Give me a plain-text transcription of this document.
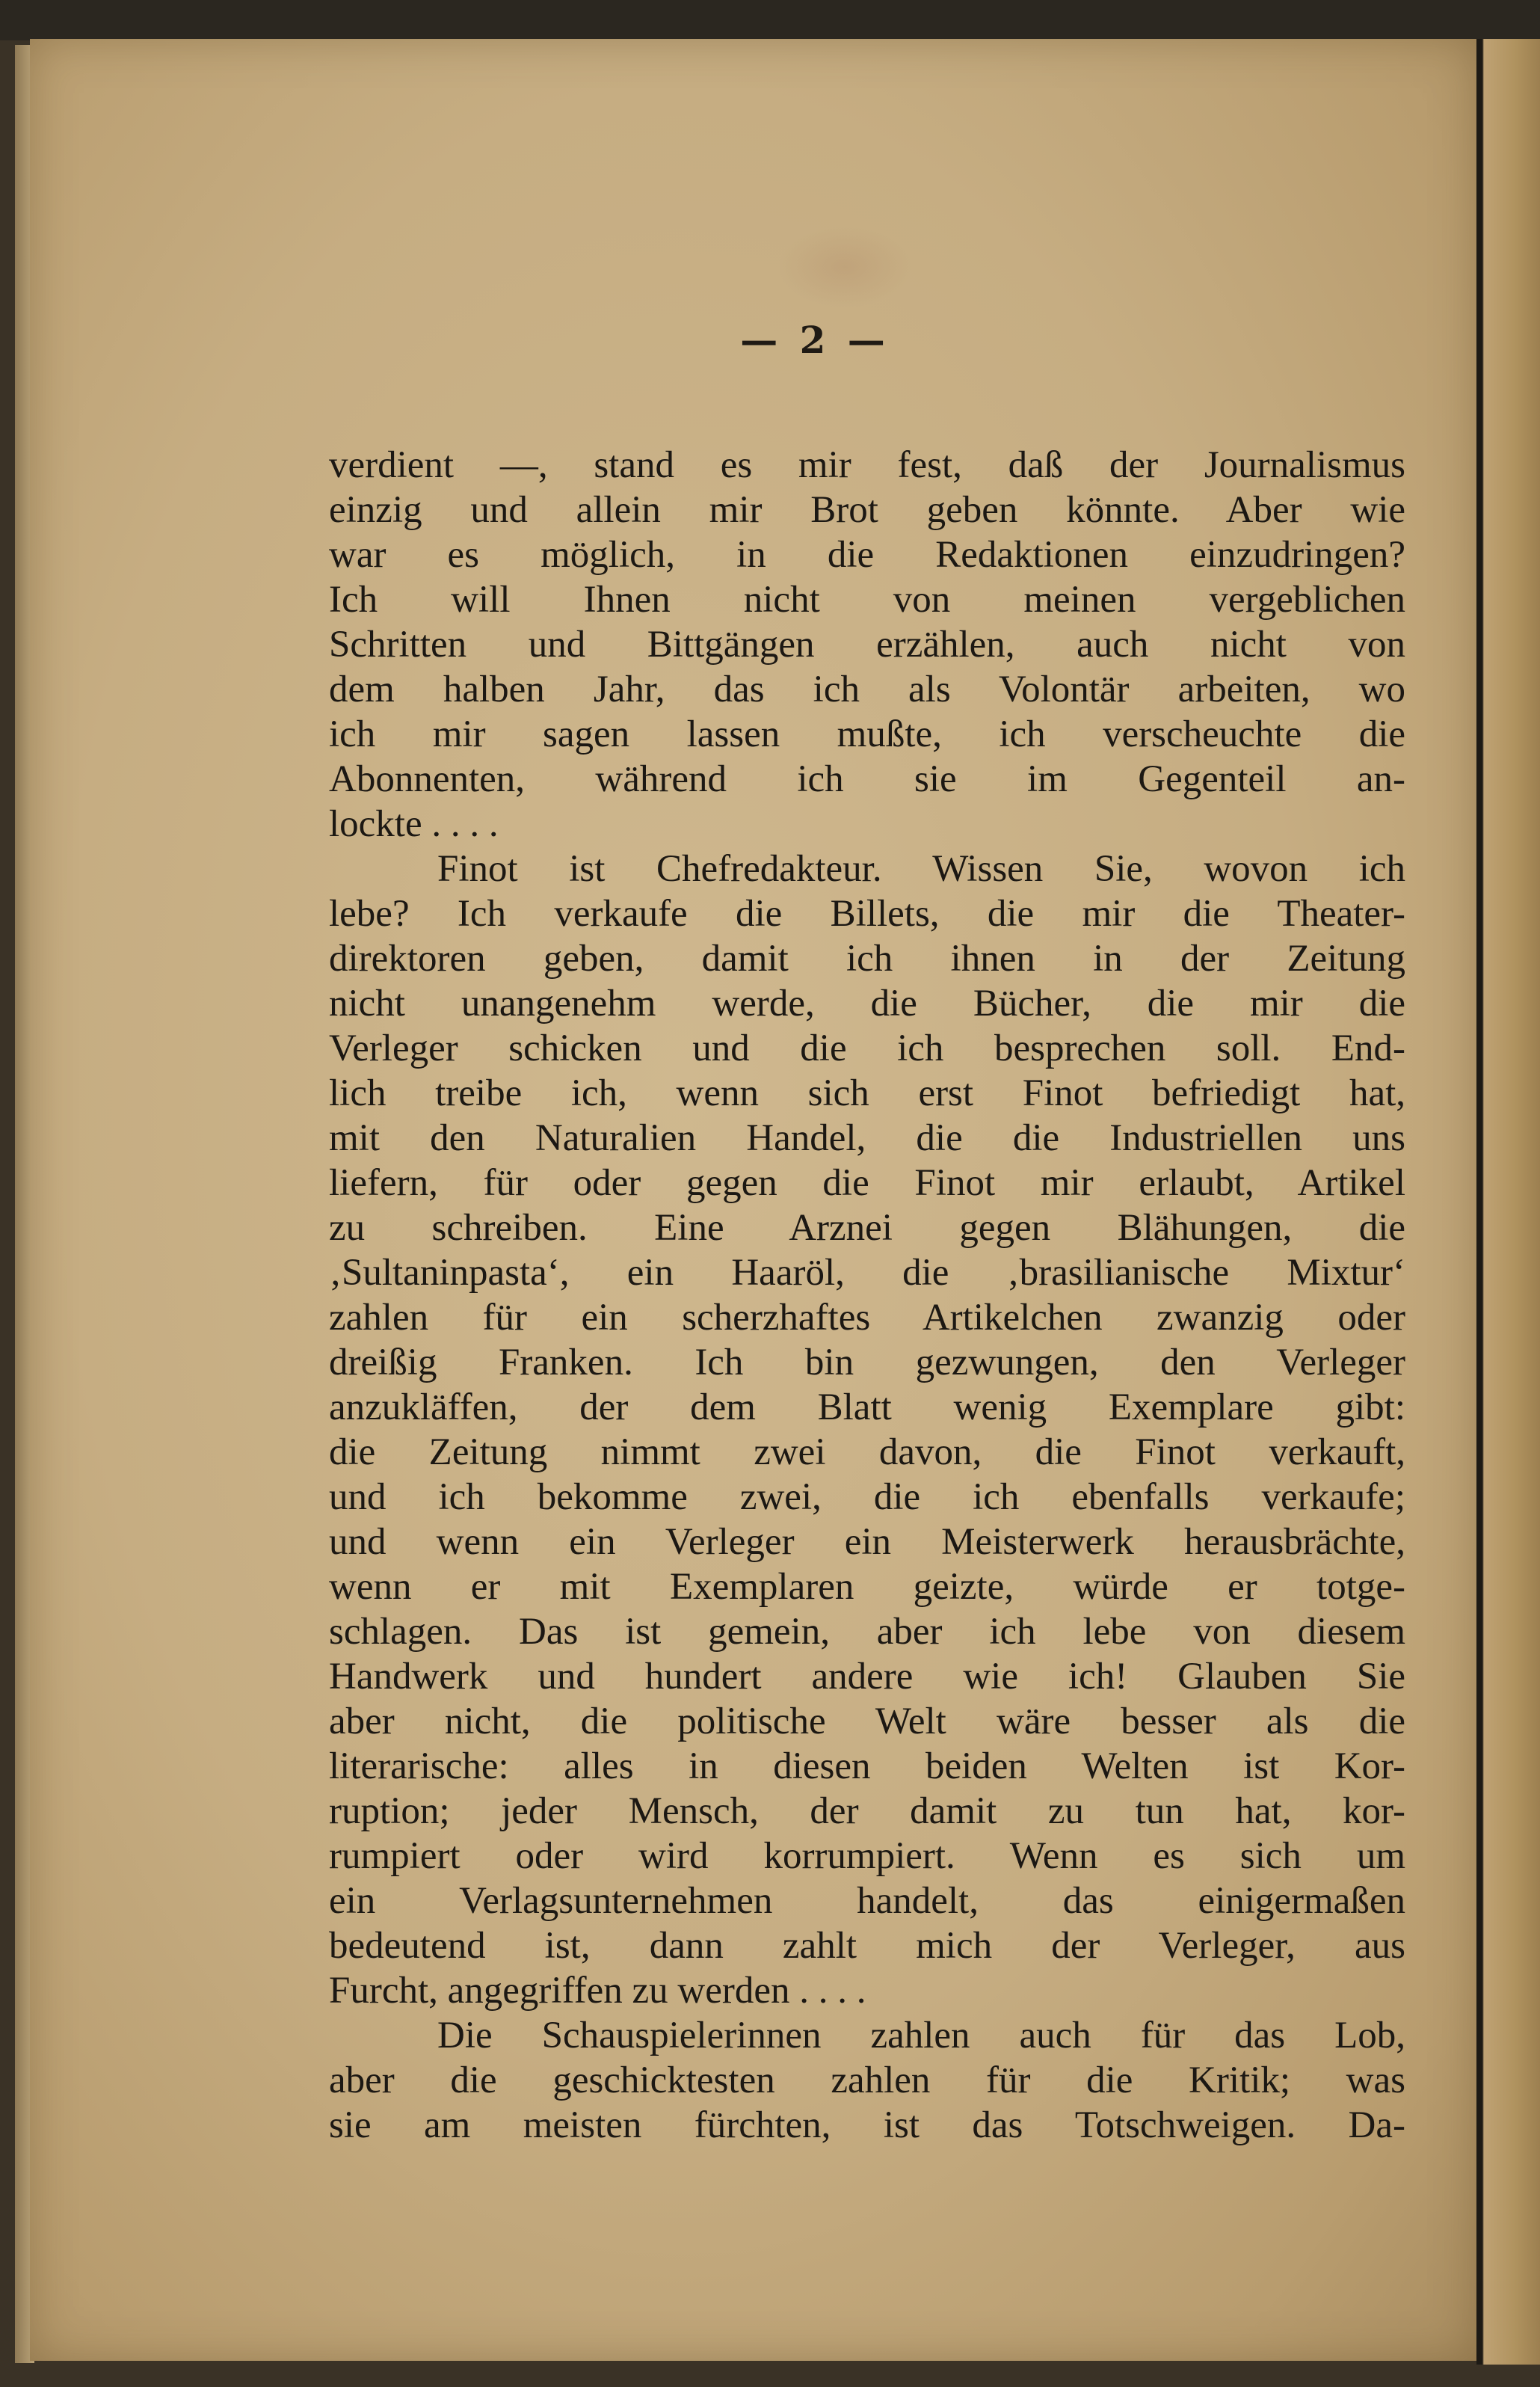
— 2 —
verdient —, stand es mir fest, daß der Journalismus
einzig und allein mir Brot geben könnte. Aber wie
war es möglich, in die Redaktionen einzudringen?
Ich will Ihnen nicht von meinen vergeblichen
Schritten und Bittgängen erzählen, auch nicht von
dem halben Jahr, das ich als Volontär arbeiten, wo
ich mir sagen lassen mußte, ich verscheuchte die
Abonnenten, während ich sie im Gegenteil an-
lockte . . . .
Finot ist Chefredakteur. Wissen Sie, wovon ich
lebe? Ich verkaufe die Billets, die mir die Theater-
direktoren geben, damit ich ihnen in der Zeitung
nicht unangenehm werde, die Bücher, die mir die
Verleger schicken und die ich besprechen soll. End-
lich treibe ich, wenn sich erst Finot befriedigt hat,
mit den Naturalien Handel, die die Industriellen uns
liefern, für oder gegen die Finot mir erlaubt, Artikel
zu schreiben. Eine Arznei gegen Blähungen, die
‚Sultaninpasta‘, ein Haaröl, die ‚brasilianische Mixtur‘
zahlen für ein scherzhaftes Artikelchen zwanzig oder
dreißig Franken. Ich bin gezwungen, den Verleger
anzukläffen, der dem Blatt wenig Exemplare gibt:
die Zeitung nimmt zwei davon, die Finot verkauft,
und ich bekomme zwei, die ich ebenfalls verkaufe;
und wenn ein Verleger ein Meisterwerk herausbrächte,
wenn er mit Exemplaren geizte, würde er totge-
schlagen. Das ist gemein, aber ich lebe von diesem
Handwerk und hundert andere wie ich! Glauben Sie
aber nicht, die politische Welt wäre besser als die
literarische: alles in diesen beiden Welten ist Kor-
ruption; jeder Mensch, der damit zu tun hat, kor-
rumpiert oder wird korrumpiert. Wenn es sich um
ein Verlagsunternehmen handelt, das einigermaßen
bedeutend ist, dann zahlt mich der Verleger, aus
Furcht, angegriffen zu werden . . . .
Die Schauspielerinnen zahlen auch für das Lob,
aber die geschicktesten zahlen für die Kritik; was
sie am meisten fürchten, ist das Totschweigen. Da-
